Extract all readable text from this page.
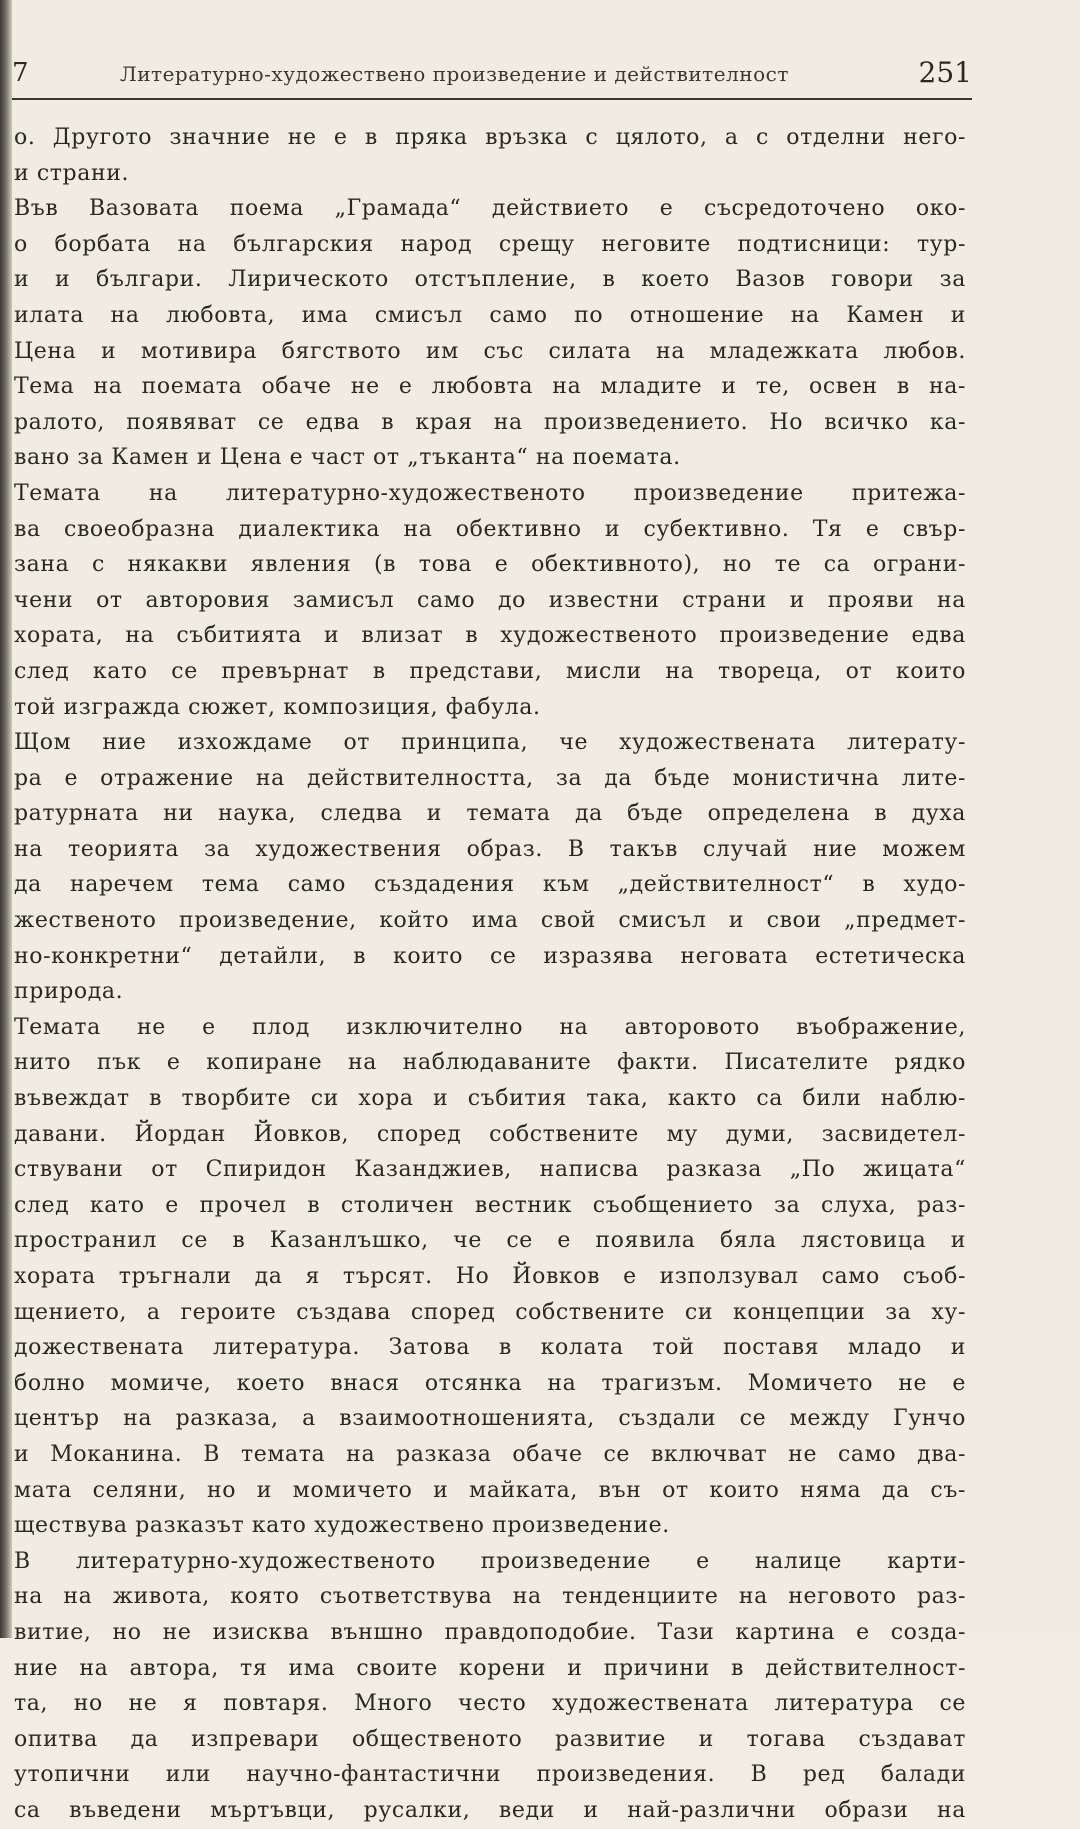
7	Литературно-художествено произведение и действителност	251
о. Другото значние не е в пряка връзка с цялото, а с отделни него-
и страни.
Във Вазовата поема „Грамада“ действието е съсредоточено око-
о борбата на българския народ срещу неговите подтисници: тур-
и и българи. Лирическото отстъпление, в което Вазов говори за
илата на любовта, има смисъл само по отношение на Камен и
Цена и мотивира бягството им със силата на младежката любов.
Тема на поемата обаче не е любовта на младите и те, освен в на-
ралото, появяват се едва в края на произведението. Но всичко ка-
вано за Камен и Цена е част от „тъканта“ на поемата.
Темата на литературно-художественото произведение притежа-
ва своеобразна диалектика на обективно и субективно. Тя е свър-
зана с някакви явления (в това е обективното), но те са ограни-
чени от авторовия замисъл само до известни страни и прояви на
хората, на събитията и влизат в художественото произведение едва
след като се превърнат в представи, мисли на твореца, от които
той изгражда сюжет, композиция, фабула.
Щом ние изхождаме от принципа, че художествената литерату-
ра е отражение на действителността, за да бъде монистична лите-
ратурната ни наука, следва и темата да бъде определена в духа
на теорията за художествения образ. В такъв случай ние можем
да наречем тема само създадения към „действителност“ в худо-
жественото произведение, който има свой смисъл и свои „предмет-
но-конкретни“ детайли, в които се изразява неговата естетическа
природа.
Темата не е плод изключително на авторовото въображение,
нито пък е копиране на наблюдаваните факти. Писателите рядко
въвеждат в творбите си хора и събития така, както са били наблю-
давани. Йордан Йовков, според собствените му думи, засвидетел-
ствувани от Спиридон Казанджиев, написва разказа „По жицата“
след като е прочел в столичен вестник съобщението за слуха, раз-
пространил се в Казанлъшко, че се е появила бяла лястовица и
хората тръгнали да я търсят. Но Йовков е използувал само съоб-
щението, а героите създава според собствените си концепции за ху-
дожествената литература. Затова в колата той поставя младо и
болно момиче, което внася отсянка на трагизъм. Момичето не е
център на разказа, а взаимоотношенията, създали се между Гунчо
и Моканина. В темата на разказа обаче се включват не само два-
мата селяни, но и момичето и майката, вън от които няма да съ-
ществува разказът като художествено произведение.
В литературно-художественото произведение е налице карти-
на на живота, която съответствува на тенденциите на неговото раз-
витие, но не изисква външно правдоподобие. Тази картина е созда-
ние на автора, тя има своите корени и причини в действителност-
та, но не я повтаря. Много често художествената литература се
опитва да изпревари общественото развитие и тогава създават
утопични или научно-фантастични произведения. В ред балади
са въведени мъртъвци, русалки, веди и най-различни образи на
